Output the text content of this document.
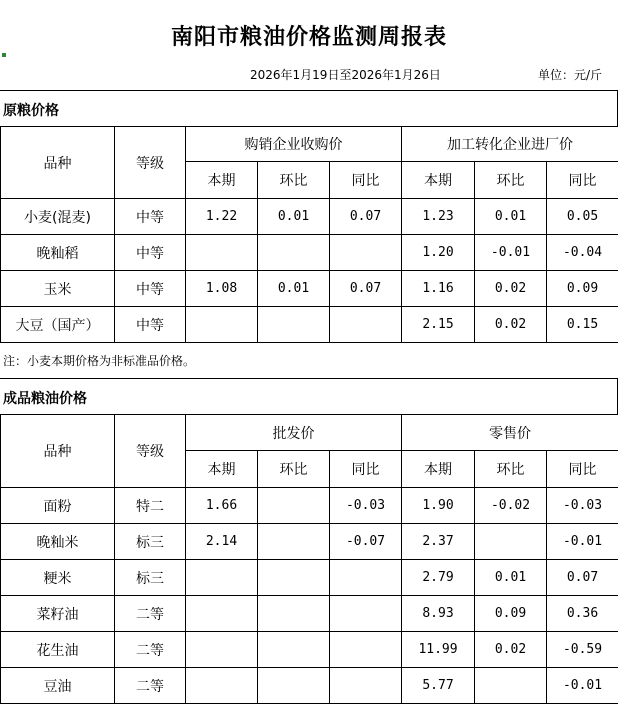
南阳市粮油价格监测周报表
2026年1月19日至2026年1月26日	单位：元/斤
原粮价格
品种	等级	购销企业收购价			加工转化企业进厂价		
		本期	环比	同比	本期	环比	同比
小麦(混麦)	中等	1.22	0.01	0.07	1.23	0.01	0.05
晚籼稻	中等				1.20	-0.01	-0.04
玉米	中等	1.08	0.01	0.07	1.16	0.02	0.09
大豆（国产）	中等				2.15	0.02	0.15
注：小麦本期价格为非标准品价格。
成品粮油价格
品种	等级	批发价			零售价		
		本期	环比	同比	本期	环比	同比
面粉	特二	1.66		-0.03	1.90	-0.02	-0.03
晚籼米	标三	2.14		-0.07	2.37		-0.01
粳米	标三				2.79	0.01	0.07
菜籽油	二等				8.93	0.09	0.36
花生油	二等				11.99	0.02	-0.59
豆油	二等				5.77		-0.01
